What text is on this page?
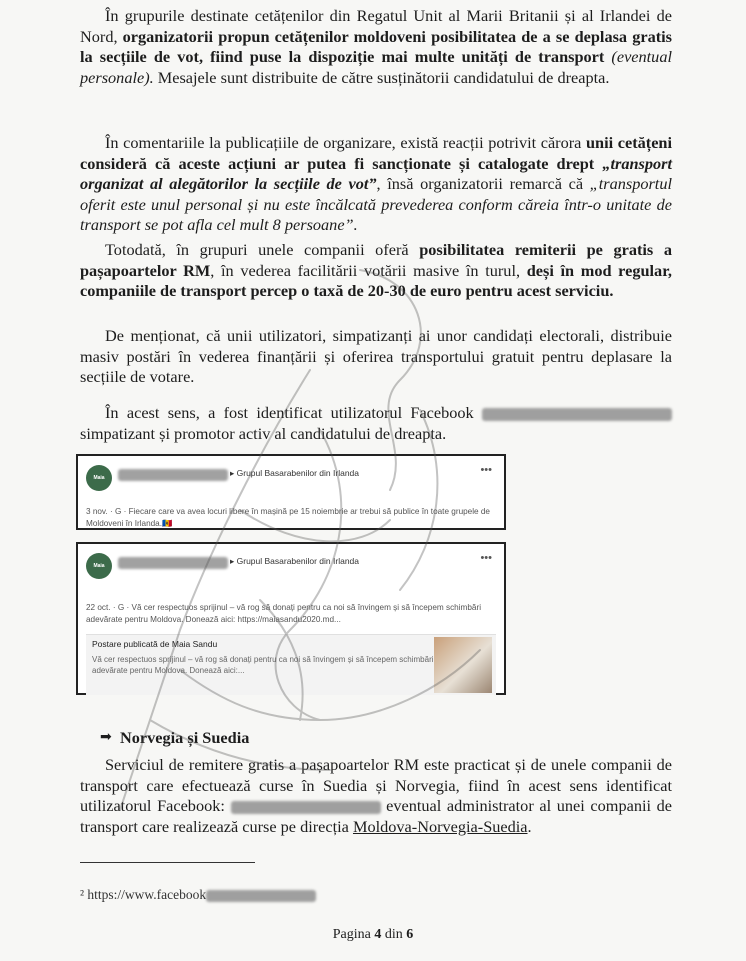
În grupurile destinate cetățenilor din Regatul Unit al Marii Britanii și al Irlandei de Nord, organizatorii propun cetățenilor moldoveni posibilitatea de a se deplasa gratis la secțiile de vot, fiind puse la dispoziție mai multe unități de transport (eventual personale). Mesajele sunt distribuite de către susținătorii candidatului de dreapta.
În comentariile la publicațiile de organizare, există reacții potrivit cărora unii cetățeni consideră că aceste acțiuni ar putea fi sancționate și catalogate drept „transport organizat al alegătorilor la secțiile de vot”, însă organizatorii remarcă că „transportul oferit este unul personal și nu este încălcată prevederea conform căreia într-o unitate de transport se pot afla cel mult 8 persoane”.
Totodată, în grupuri unele companii oferă posibilitatea remiterii pe gratis a pașapoartelor RM, în vederea facilitării votării masive în turul, deși în mod regular, companiile de transport percep o taxă de 20-30 de euro pentru acest serviciu.
De menționat, că unii utilizatori, simpatizanți ai unor candidați electorali, distribuie masiv postări în vederea finanțării și oferirea transportului gratuit pentru deplasare la secțiile de votare.
În acest sens, a fost identificat utilizatorul Facebook  simpatizant și promotor activ al candidatului de dreapta.
Maia Sandu
▸ Grupul Basarabenilor din Irlanda	•••
3 nov. · G · Fiecare care va avea locuri libere în mașină pe 15 noiembrie ar trebui să publice în toate grupele de Moldoveni în Irlanda.🇲🇩
Maia Sandu
▸ Grupul Basarabenilor din Irlanda	•••
22 oct. · G · Vă cer respectuos sprijinul – vă rog să donați pentru ca noi să învingem și să începem schimbări adevărate pentru Moldova. Donează aici: https://maiasandu2020.md...
Postare publicată de Maia Sandu
Vă cer respectuos sprijinul – vă rog să donați pentru ca noi să învingem și să începem schimbări adevărate pentru Moldova. Donează aici:...
➡ Norvegia și Suedia
Serviciul de remitere gratis a pașapoartelor RM este practicat și de unele companii de transport care efectuează curse în Suedia și Norvegia, fiind în acest sens identificat utilizatorul Facebook:	eventual administrator al unei companii de transport care realizează curse pe direcția Moldova-Norvegia-Suedia.
² https://www.facebook
Pagina 4 din 6
